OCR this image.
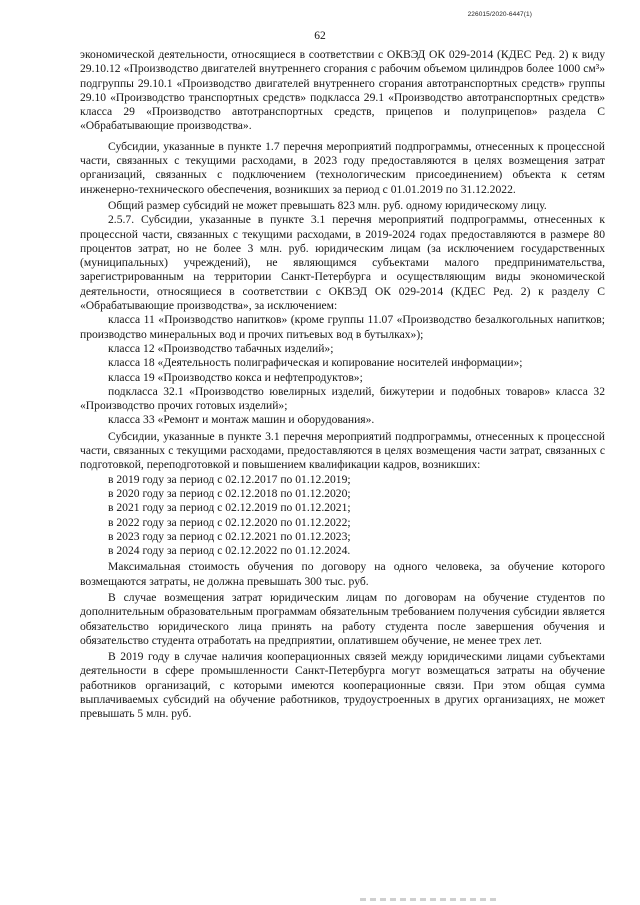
226015/2020-6447(1)
62

экономической деятельности, относящиеся в соответствии с ОКВЭД ОК 029-2014 (КДЕС Ред. 2) к виду 29.10.12 «Производство двигателей внутреннего сгорания с рабочим объемом цилиндров более 1000 см³» подгруппы 29.10.1 «Производство двигателей внутреннего сгорания автотранспортных средств» группы 29.10 «Производство транспортных средств» подкласса 29.1 «Производство автотранспортных средств» класса 29 «Производство автотранспортных средств, прицепов и полуприцепов» раздела С «Обрабатывающие производства».

Субсидии, указанные в пункте 1.7 перечня мероприятий подпрограммы, отнесенных к процессной части, связанных с текущими расходами, в 2023 году предоставляются в целях возмещения затрат организаций, связанных с подключением (технологическим присоединением) объекта к сетям инженерно-технического обеспечения, возникших за период с 01.01.2019 по 31.12.2022.

Общий размер субсидий не может превышать 823 млн. руб. одному юридическому лицу.

2.5.7. Субсидии, указанные в пункте 3.1 перечня мероприятий подпрограммы, отнесенных к процессной части, связанных с текущими расходами, в 2019-2024 годах предоставляются в размере 80 процентов затрат, но не более 3 млн. руб. юридическим лицам (за исключением государственных (муниципальных) учреждений), не являющимся субъектами малого предпринимательства, зарегистрированным на территории Санкт-Петербурга и осуществляющим виды экономической деятельности, относящиеся в соответствии с ОКВЭД ОК 029-2014 (КДЕС Ред. 2) к разделу С «Обрабатывающие производства», за исключением:

класса 11 «Производство напитков» (кроме группы 11.07 «Производство безалкогольных напитков; производство минеральных вод и прочих питьевых вод в бутылках»);

класса 12 «Производство табачных изделий»;

класса 18 «Деятельность полиграфическая и копирование носителей информации»;

класса 19 «Производство кокса и нефтепродуктов»;

подкласса 32.1 «Производство ювелирных изделий, бижутерии и подобных товаров» класса 32 «Производство прочих готовых изделий»;

класса 33 «Ремонт и монтаж машин и оборудования».

Субсидии, указанные в пункте 3.1 перечня мероприятий подпрограммы, отнесенных к процессной части, связанных с текущими расходами, предоставляются в целях возмещения части затрат, связанных с подготовкой, переподготовкой и повышением квалификации кадров, возникших:

в 2019 году за период с 02.12.2017 по 01.12.2019;

в 2020 году за период с 02.12.2018 по 01.12.2020;

в 2021 году за период с 02.12.2019 по 01.12.2021;

в 2022 году за период с 02.12.2020 по 01.12.2022;

в 2023 году за период с 02.12.2021 по 01.12.2023;

в 2024 году за период с 02.12.2022 по 01.12.2024.

Максимальная стоимость обучения по договору на одного человека, за обучение которого возмещаются затраты, не должна превышать 300 тыс. руб.

В случае возмещения затрат юридическим лицам по договорам на обучение студентов по дополнительным образовательным программам обязательным требованием получения субсидии является обязательство юридического лица принять на работу студента после завершения обучения и обязательство студента отработать на предприятии, оплатившем обучение, не менее трех лет.

В 2019 году в случае наличия кооперационных связей между юридическими лицами субъектами деятельности в сфере промышленности Санкт-Петербурга могут возмещаться затраты на обучение работников организаций, с которыми имеются кооперационные связи. При этом общая сумма выплачиваемых субсидий на обучение работников, трудоустроенных в других организациях, не может превышать 5 млн. руб.
